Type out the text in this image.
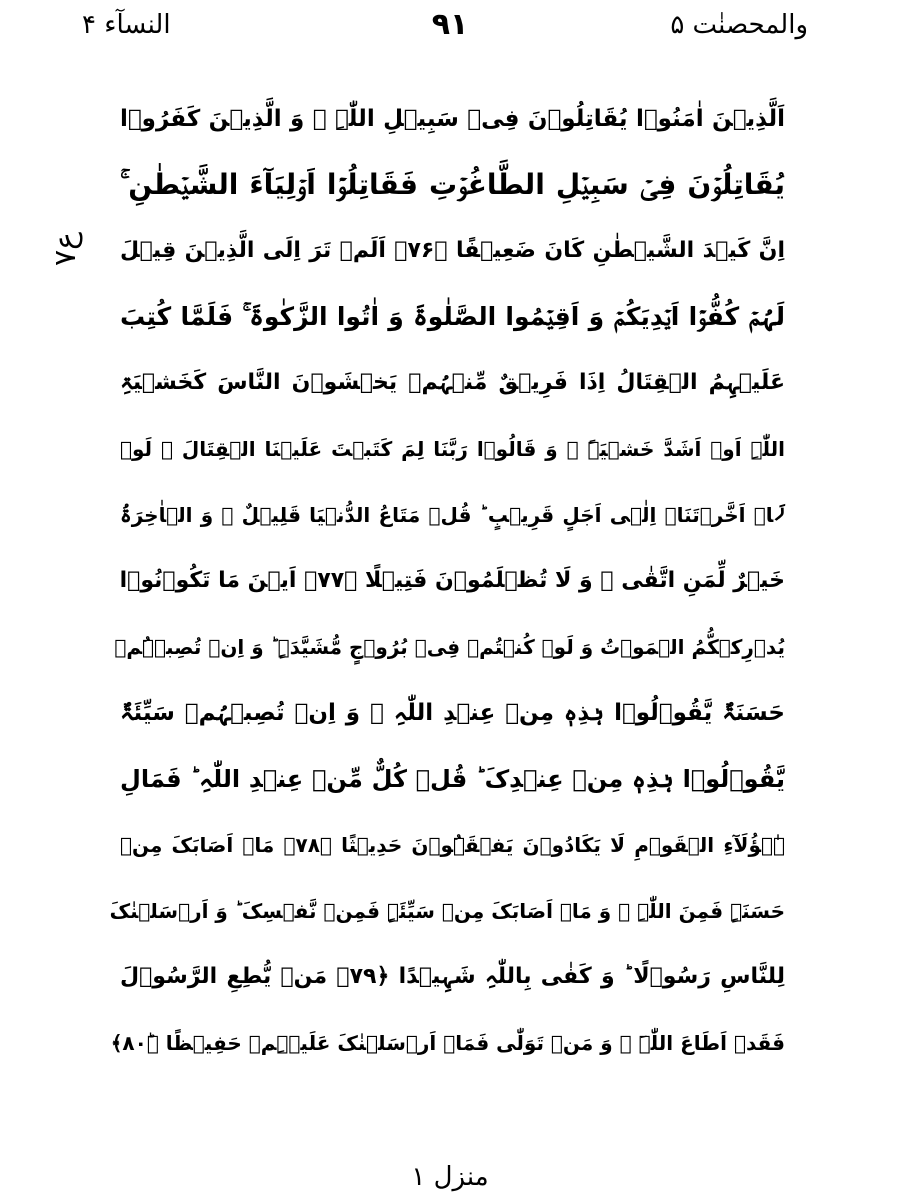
النسآء ۴	۹۱	والمحصنٰت ۵
ع۷
اَلَّذِیۡنَ اٰمَنُوۡا یُقَاتِلُوۡنَ فِیۡ سَبِیۡلِ اللّٰہِ ۚ وَ الَّذِیۡنَ کَفَرُوۡا
یُقَاتِلُوۡنَ فِیۡ سَبِیۡلِ الطَّاغُوۡتِ فَقَاتِلُوۡۤا اَوۡلِیَآءَ الشَّیۡطٰنِ ۚ
اِنَّ کَیۡدَ الشَّیۡطٰنِ کَانَ ضَعِیۡفًا ﴿۷۶﴾ اَلَمۡ تَرَ اِلَی الَّذِیۡنَ قِیۡلَ
لَہُمۡ کُفُّوۡۤا اَیۡدِیَکُمۡ وَ اَقِیۡمُوا الصَّلٰوۃَ وَ اٰتُوا الزَّکٰوۃَ ۚ فَلَمَّا کُتِبَ
عَلَیۡہِمُ الۡقِتَالُ اِذَا فَرِیۡقٌ مِّنۡہُمۡ یَخۡشَوۡنَ النَّاسَ کَخَشۡیَۃِ
اللّٰہِ اَوۡ اَشَدَّ خَشۡیَۃً ۚ وَ قَالُوۡا رَبَّنَا لِمَ کَتَبۡتَ عَلَیۡنَا الۡقِتَالَ ۚ لَوۡ
لَاۤ اَخَّرۡتَنَاۤ اِلٰۤی اَجَلٍ قَرِیۡبٍ ؕ قُلۡ مَتَاعُ الدُّنۡیَا قَلِیۡلٌ ۚ وَ الۡاٰخِرَۃُ
خَیۡرٌ لِّمَنِ اتَّقٰی ۟ وَ لَا تُظۡلَمُوۡنَ فَتِیۡلًا ﴿۷۷﴾ اَیۡنَ مَا تَکُوۡنُوۡا
یُدۡرِکۡکُّمُ الۡمَوۡتُ وَ لَوۡ کُنۡتُمۡ فِیۡ بُرُوۡجٍ مُّشَیَّدَۃٍ ؕ وَ اِنۡ تُصِبۡہُمۡ
حَسَنَۃٌ یَّقُوۡلُوۡا ہٰذِہٖ مِنۡ عِنۡدِ اللّٰہِ ۚ وَ اِنۡ تُصِبۡہُمۡ سَیِّئَۃٌ
یَّقُوۡلُوۡا ہٰذِہٖ مِنۡ عِنۡدِکَ ؕ قُلۡ کُلٌّ مِّنۡ عِنۡدِ اللّٰہِ ؕ فَمَالِ
ہٰۤؤُلَآءِ الۡقَوۡمِ لَا یَکَادُوۡنَ یَفۡقَہُوۡنَ حَدِیۡثًا ﴿۷۸﴾ مَاۤ اَصَابَکَ مِنۡ
حَسَنَۃٍ فَمِنَ اللّٰہِ ۫ وَ مَاۤ اَصَابَکَ مِنۡ سَیِّئَۃٍ فَمِنۡ نَّفۡسِکَ ؕ وَ اَرۡسَلۡنٰکَ
لِلنَّاسِ رَسُوۡلًا ؕ وَ کَفٰی بِاللّٰہِ شَہِیۡدًا ﴿۷۹﴾ مَنۡ یُّطِعِ الرَّسُوۡلَ
فَقَدۡ اَطَاعَ اللّٰہَ ۚ وَ مَنۡ تَوَلّٰی فَمَاۤ اَرۡسَلۡنٰکَ عَلَیۡہِمۡ حَفِیۡظًا ﴿ؕ۸۰﴾
منزل ۱
